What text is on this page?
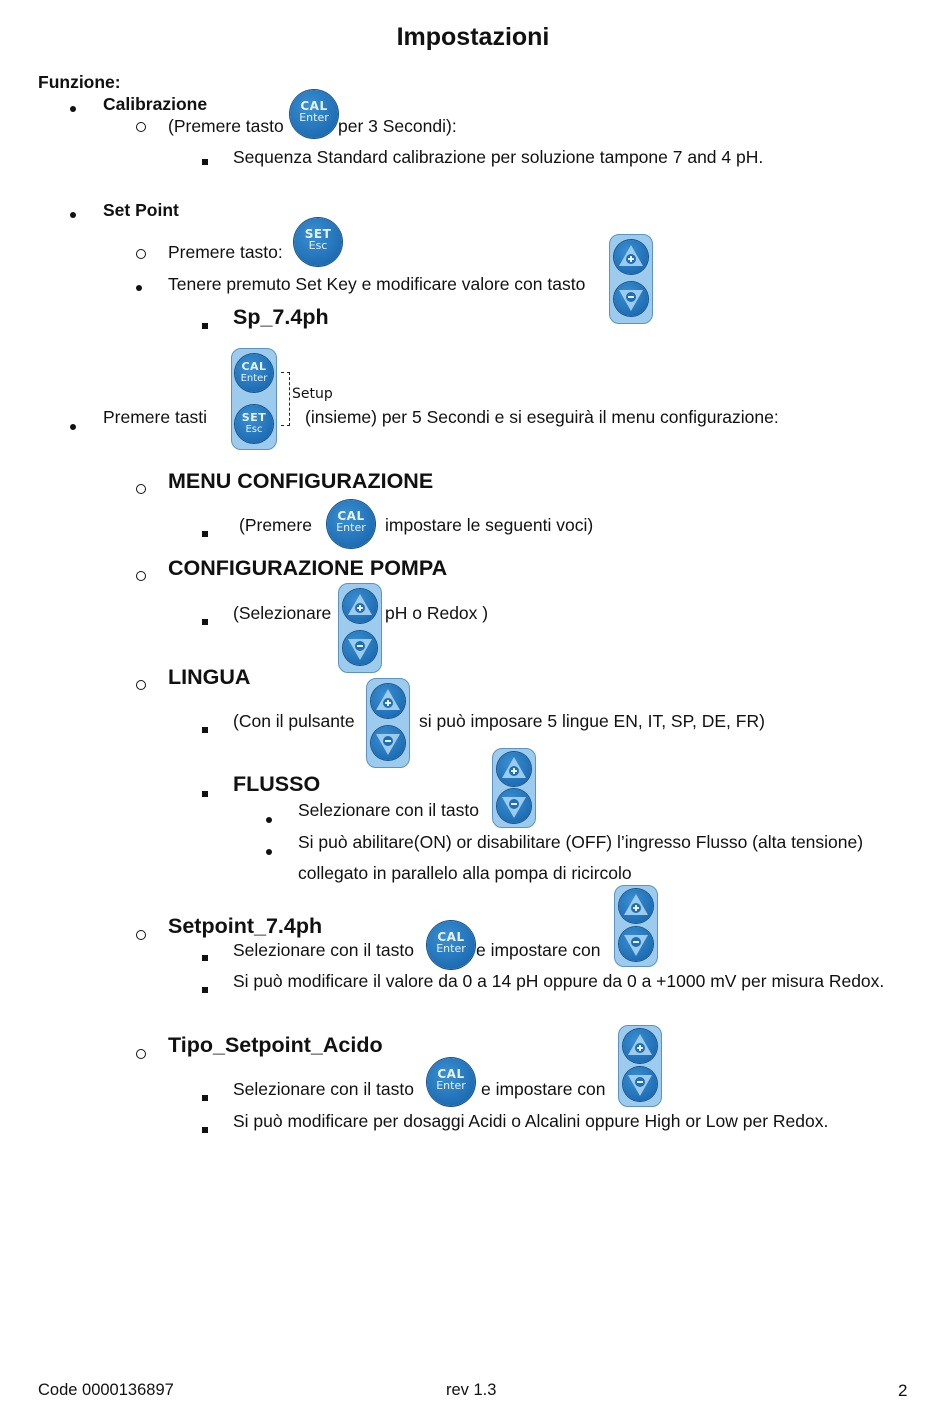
Impostazioni
Funzione:
Calibrazione
(Premere tasto
CAL
Enter per 3 Secondi):
Sequenza Standard calibrazione per soluzione tampone 7 and 4 pH.
Set Point
Premere tasto:
SET
Esc
Tenere premuto Set Key e modificare valore con tasto
Sp_7.4ph
Premere tasti
CAL
Enter
SET
Esc
Setup
(insieme) per 5 Secondi e si eseguirà il menu configurazione:
MENU CONFIGURAZIONE
(Premere	CAL
Enter	impostare le seguenti voci)
CONFIGURAZIONE POMPA
(Selezionare	pH o Redox )
LINGUA
(Con il pulsante	si può imposare 5 lingue EN, IT, SP, DE, FR)
FLUSSO
Selezionare con il tasto
Si può abilitare(ON) or disabilitare (OFF) l’ingresso Flusso (alta tensione)
collegato in parallelo alla pompa di ricircolo
Setpoint_7.4ph
Selezionare con il tasto
CAL
Enter e impostare con
Si può modificare il valore da 0 a 14 pH oppure da 0 a +1000 mV per misura Redox.
Tipo_Setpoint_Acido
Selezionare con il tasto
CAL
Enter e impostare con
Si può modificare per dosaggi Acidi o Alcalini oppure High or Low per Redox.
Code 0000136897	rev 1.3	2
